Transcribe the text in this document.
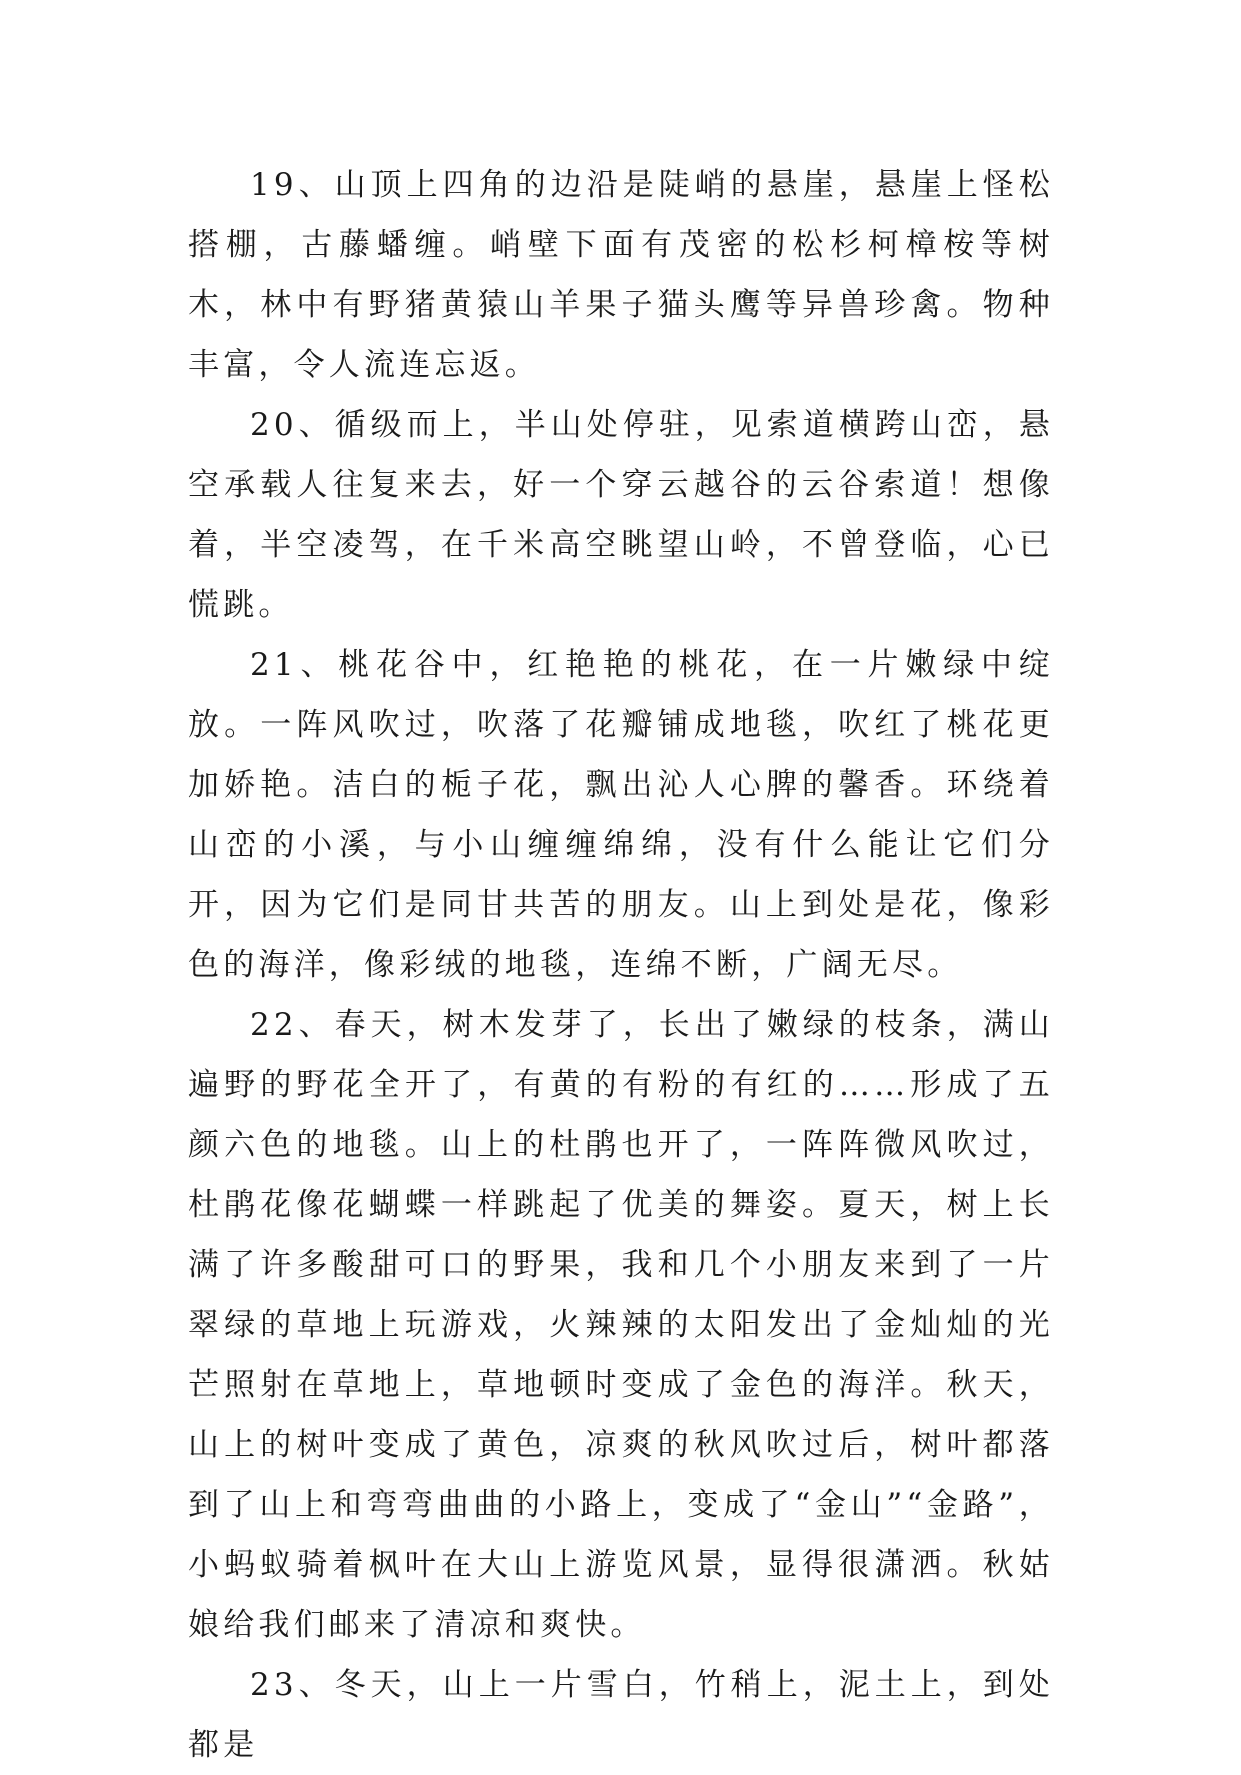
19、山顶上四角的边沿是陡峭的悬崖，悬崖上怪松搭棚，古藤蟠缠。峭壁下面有茂密的松杉柯樟桉等树木，林中有野猪黄猿山羊果子猫头鹰等异兽珍禽。物种丰富，令人流连忘返。

20、循级而上，半山处停驻，见索道横跨山峦，悬空承载人往复来去，好一个穿云越谷的云谷索道！想像着，半空凌驾，在千米高空眺望山岭，不曾登临，心已慌跳。

21、桃花谷中，红艳艳的桃花，在一片嫩绿中绽放。一阵风吹过，吹落了花瓣铺成地毯，吹红了桃花更加娇艳。洁白的栀子花，飘出沁人心脾的馨香。环绕着山峦的小溪，与小山缠缠绵绵，没有什么能让它们分开，因为它们是同甘共苦的朋友。山上到处是花，像彩色的海洋，像彩绒的地毯，连绵不断，广阔无尽。

22、春天，树木发芽了，长出了嫩绿的枝条，满山遍野的野花全开了，有黄的有粉的有红的……形成了五颜六色的地毯。山上的杜鹃也开了，一阵阵微风吹过，杜鹃花像花蝴蝶一样跳起了优美的舞姿。夏天，树上长满了许多酸甜可口的野果，我和几个小朋友来到了一片翠绿的草地上玩游戏，火辣辣的太阳发出了金灿灿的光芒照射在草地上，草地顿时变成了金色的海洋。秋天，山上的树叶变成了黄色，凉爽的秋风吹过后，树叶都落到了山上和弯弯曲曲的小路上，变成了“金山”“金路”，小蚂蚁骑着枫叶在大山上游览风景，显得很潇洒。秋姑娘给我们邮来了清凉和爽快。

23、冬天，山上一片雪白，竹稍上，泥土上，到处都是
